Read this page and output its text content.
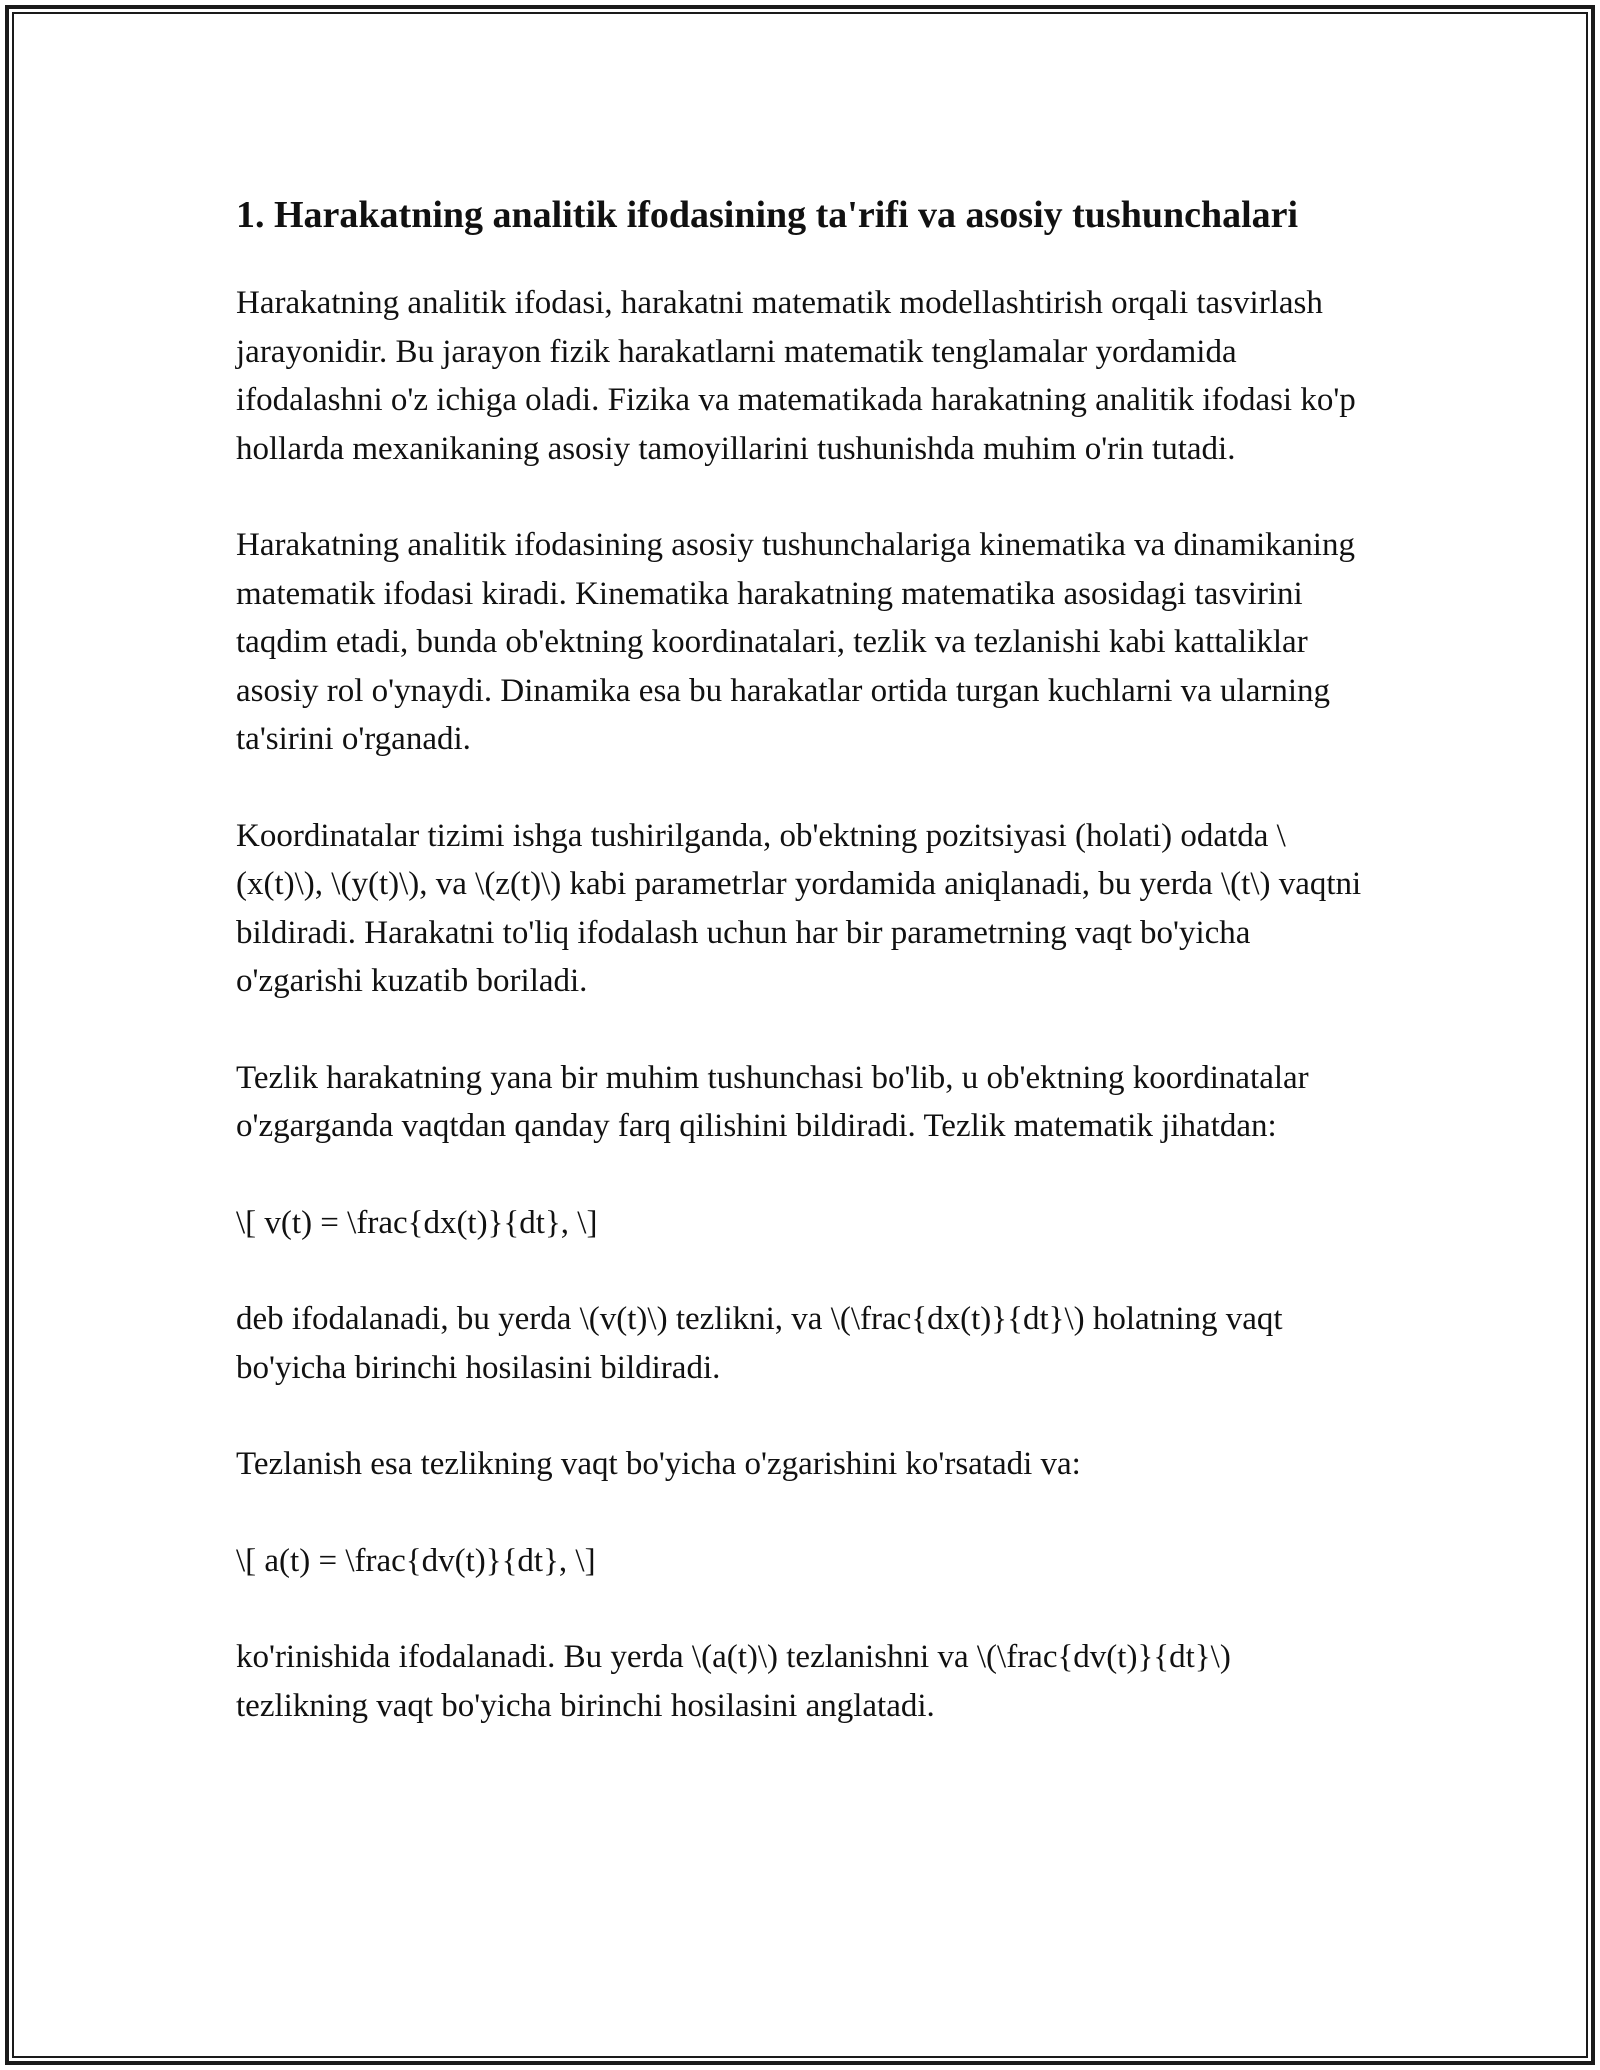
1. Harakatning analitik ifodasining ta'rifi va asosiy tushunchalari

Harakatning analitik ifodasi, harakatni matematik modellashtirish orqali tasvirlash jarayonidir. Bu jarayon fizik harakatlarni matematik tenglamalar yordamida ifodalashni o'z ichiga oladi. Fizika va matematikada harakatning analitik ifodasi ko'p hollarda mexanikaning asosiy tamoyillarini tushunishda muhim o'rin tutadi.

Harakatning analitik ifodasining asosiy tushunchalariga kinematika va dinamikaning matematik ifodasi kiradi. Kinematika harakatning matematika asosidagi tasvirini taqdim etadi, bunda ob'ektning koordinatalari, tezlik va tezlanishi kabi kattaliklar asosiy rol o'ynaydi. Dinamika esa bu harakatlar ortida turgan kuchlarni va ularning ta'sirini o'rganadi.

Koordinatalar tizimi ishga tushirilganda, ob'ektning pozitsiyasi (holati) odatda \(x(t)\), \(y(t)\), va \(z(t)\) kabi parametrlar yordamida aniqlanadi, bu yerda \(t\) vaqtni bildiradi. Harakatni to'liq ifodalash uchun har bir parametrning vaqt bo'yicha o'zgarishi kuzatib boriladi.

Tezlik harakatning yana bir muhim tushunchasi bo'lib, u ob'ektning koordinatalar o'zgarganda vaqtdan qanday farq qilishini bildiradi. Tezlik matematik jihatdan:

\[ v(t) = \frac{dx(t)}{dt}, \]

deb ifodalanadi, bu yerda \(v(t)\) tezlikni, va \(\frac{dx(t)}{dt}\) holatning vaqt bo'yicha birinchi hosilasini bildiradi.

Tezlanish esa tezlikning vaqt bo'yicha o'zgarishini ko'rsatadi va:

\[ a(t) = \frac{dv(t)}{dt}, \]

ko'rinishida ifodalanadi. Bu yerda \(a(t)\) tezlanishni va \(\frac{dv(t)}{dt}\) tezlikning vaqt bo'yicha birinchi hosilasini anglatadi.
